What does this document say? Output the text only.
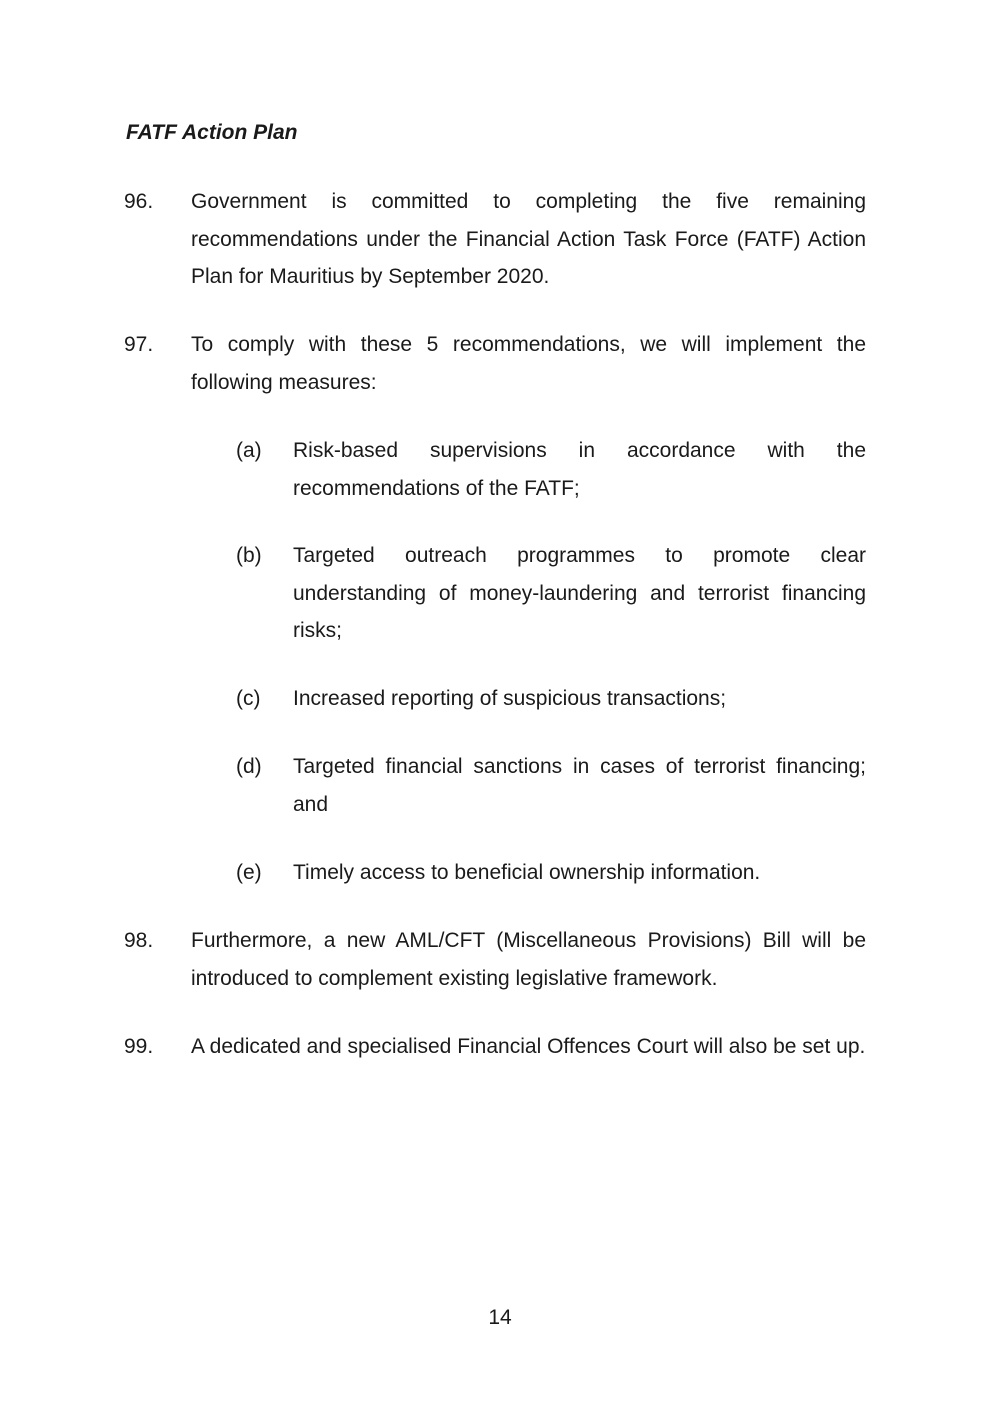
FATF Action Plan
96. Government is committed to completing the five remaining recommendations under the Financial Action Task Force (FATF) Action Plan for Mauritius by September 2020.
97. To comply with these 5 recommendations, we will implement the following measures:
(a) Risk-based supervisions in accordance with the recommendations of the FATF;
(b) Targeted outreach programmes to promote clear understanding of money-laundering and terrorist financing risks;
(c) Increased reporting of suspicious transactions;
(d) Targeted financial sanctions in cases of terrorist financing; and
(e) Timely access to beneficial ownership information.
98. Furthermore, a new AML/CFT (Miscellaneous Provisions) Bill will be introduced to complement existing legislative framework.
99. A dedicated and specialised Financial Offences Court will also be set up.
14
